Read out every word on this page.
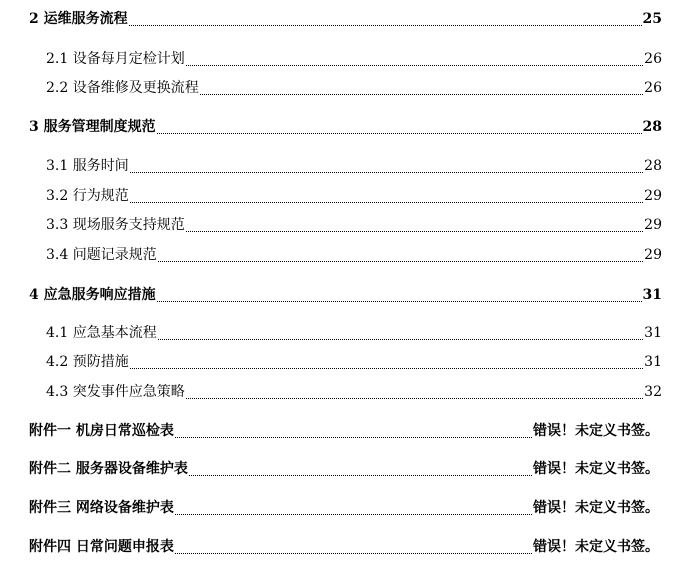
2 运维服务流程	25
2.1 设备每月定检计划	26
2.2 设备维修及更换流程	26
3 服务管理制度规范	28
3.1 服务时间	28
3.2 行为规范	29
3.3 现场服务支持规范	29
3.4 问题记录规范	29
4 应急服务响应措施	31
4.1 应急基本流程	31
4.2 预防措施	31
4.3 突发事件应急策略	32
附件一 机房日常巡检表	错误！未定义书签。
附件二 服务器设备维护表	错误！未定义书签。
附件三 网络设备维护表	错误！未定义书签。
附件四 日常问题申报表	错误！未定义书签。
